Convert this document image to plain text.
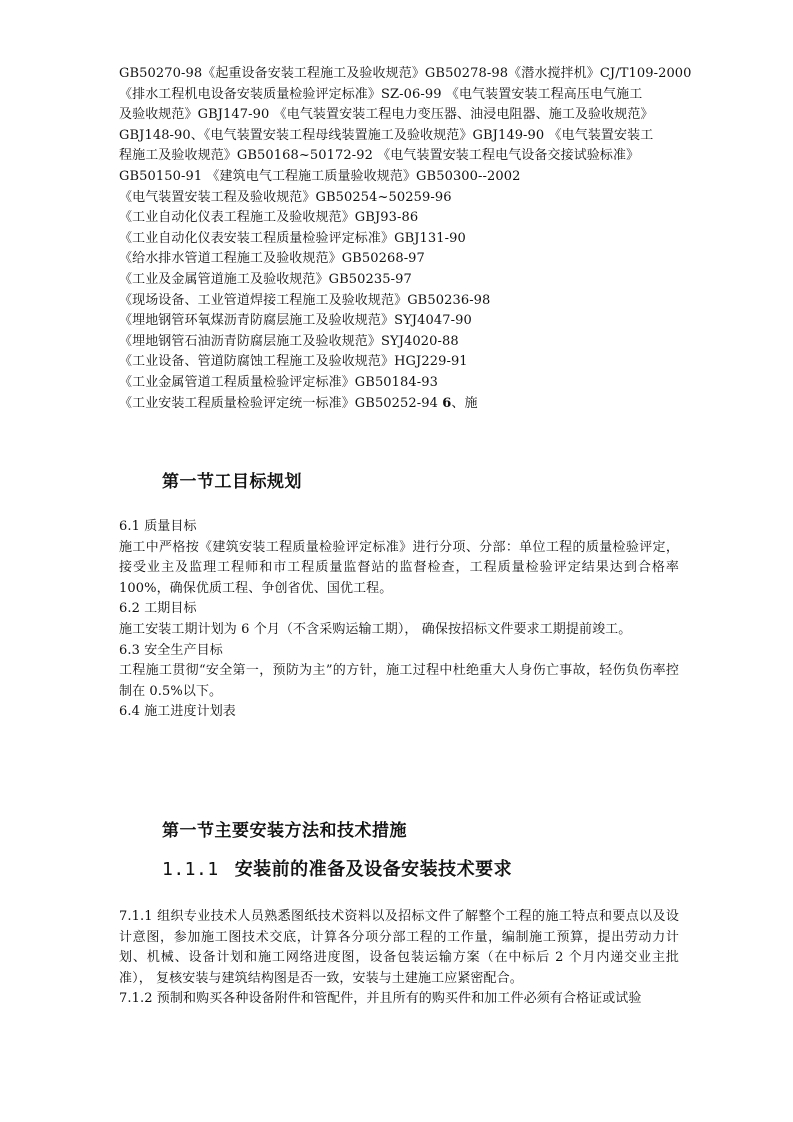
GB50270-98《起重设备安装工程施工及验收规范》GB50278-98《潜水搅拌机》CJ/T109-2000
《排水工程机电设备安装质量检验评定标准》SZ-06-99 《电气装置安装工程高压电气施工
及验收规范》GBJ147-90 《电气装置安装工程电力变压器、油浸电阻器、施工及验收规范》
GBJ148-90、《电气装置安装工程母线装置施工及验收规范》GBJ149-90 《电气装置安装工
程施工及验收规范》GB50168~50172-92 《电气装置安装工程电气设备交接试验标准》
GB50150-91 《建筑电气工程施工质量验收规范》GB50300--2002
《电气装置安装工程及验收规范》GB50254~50259-96
《工业自动化仪表工程施工及验收规范》GBJ93-86
《工业自动化仪表安装工程质量检验评定标准》GBJ131-90
《给水排水管道工程施工及验收规范》GB50268-97
《工业及金属管道施工及验收规范》GB50235-97
《现场设备、工业管道焊接工程施工及验收规范》GB50236-98
《埋地钢管环氧煤沥青防腐层施工及验收规范》SYJ4047-90
《埋地钢管石油沥青防腐层施工及验收规范》SYJ4020-88
《工业设备、管道防腐蚀工程施工及验收规范》HGJ229-91
《工业金属管道工程质量检验评定标准》GB50184-93
《工业安装工程质量检验评定统一标准》GB50252-94 6、施
第一节工目标规划
6.1 质量目标
施工中严格按《建筑安装工程质量检验评定标准》进行分项、分部：单位工程的质量检验评定，接受业主及监理工程师和市工程质量监督站的监督检查，工程质量检验评定结果达到合格率100%，确保优质工程、争创省优、国优工程。
6.2 工期目标
施工安装工期计划为 6 个月（不含采购运输工期）， 确保按招标文件要求工期提前竣工。
6.3 安全生产目标
工程施工贯彻“安全第一，预防为主”的方针，施工过程中杜绝重大人身伤亡事故，轻伤负伤率控制在 0.5%以下。
6.4 施工进度计划表
第一节主要安装方法和技术措施
1.1.1 安装前的准备及设备安装技术要求
7.1.1 组织专业技术人员熟悉图纸技术资料以及招标文件了解整个工程的施工特点和要点以及设计意图，参加施工图技术交底，计算各分项分部工程的工作量，编制施工预算，提出劳动力计划、机械、设备计划和施工网络进度图，设备包装运输方案（在中标后 2 个月内递交业主批准）， 复核安装与建筑结构图是否一致，安装与土建施工应紧密配合。
7.1.2 预制和购买各种设备附件和管配件，并且所有的购买件和加工件必须有合格证或试验
